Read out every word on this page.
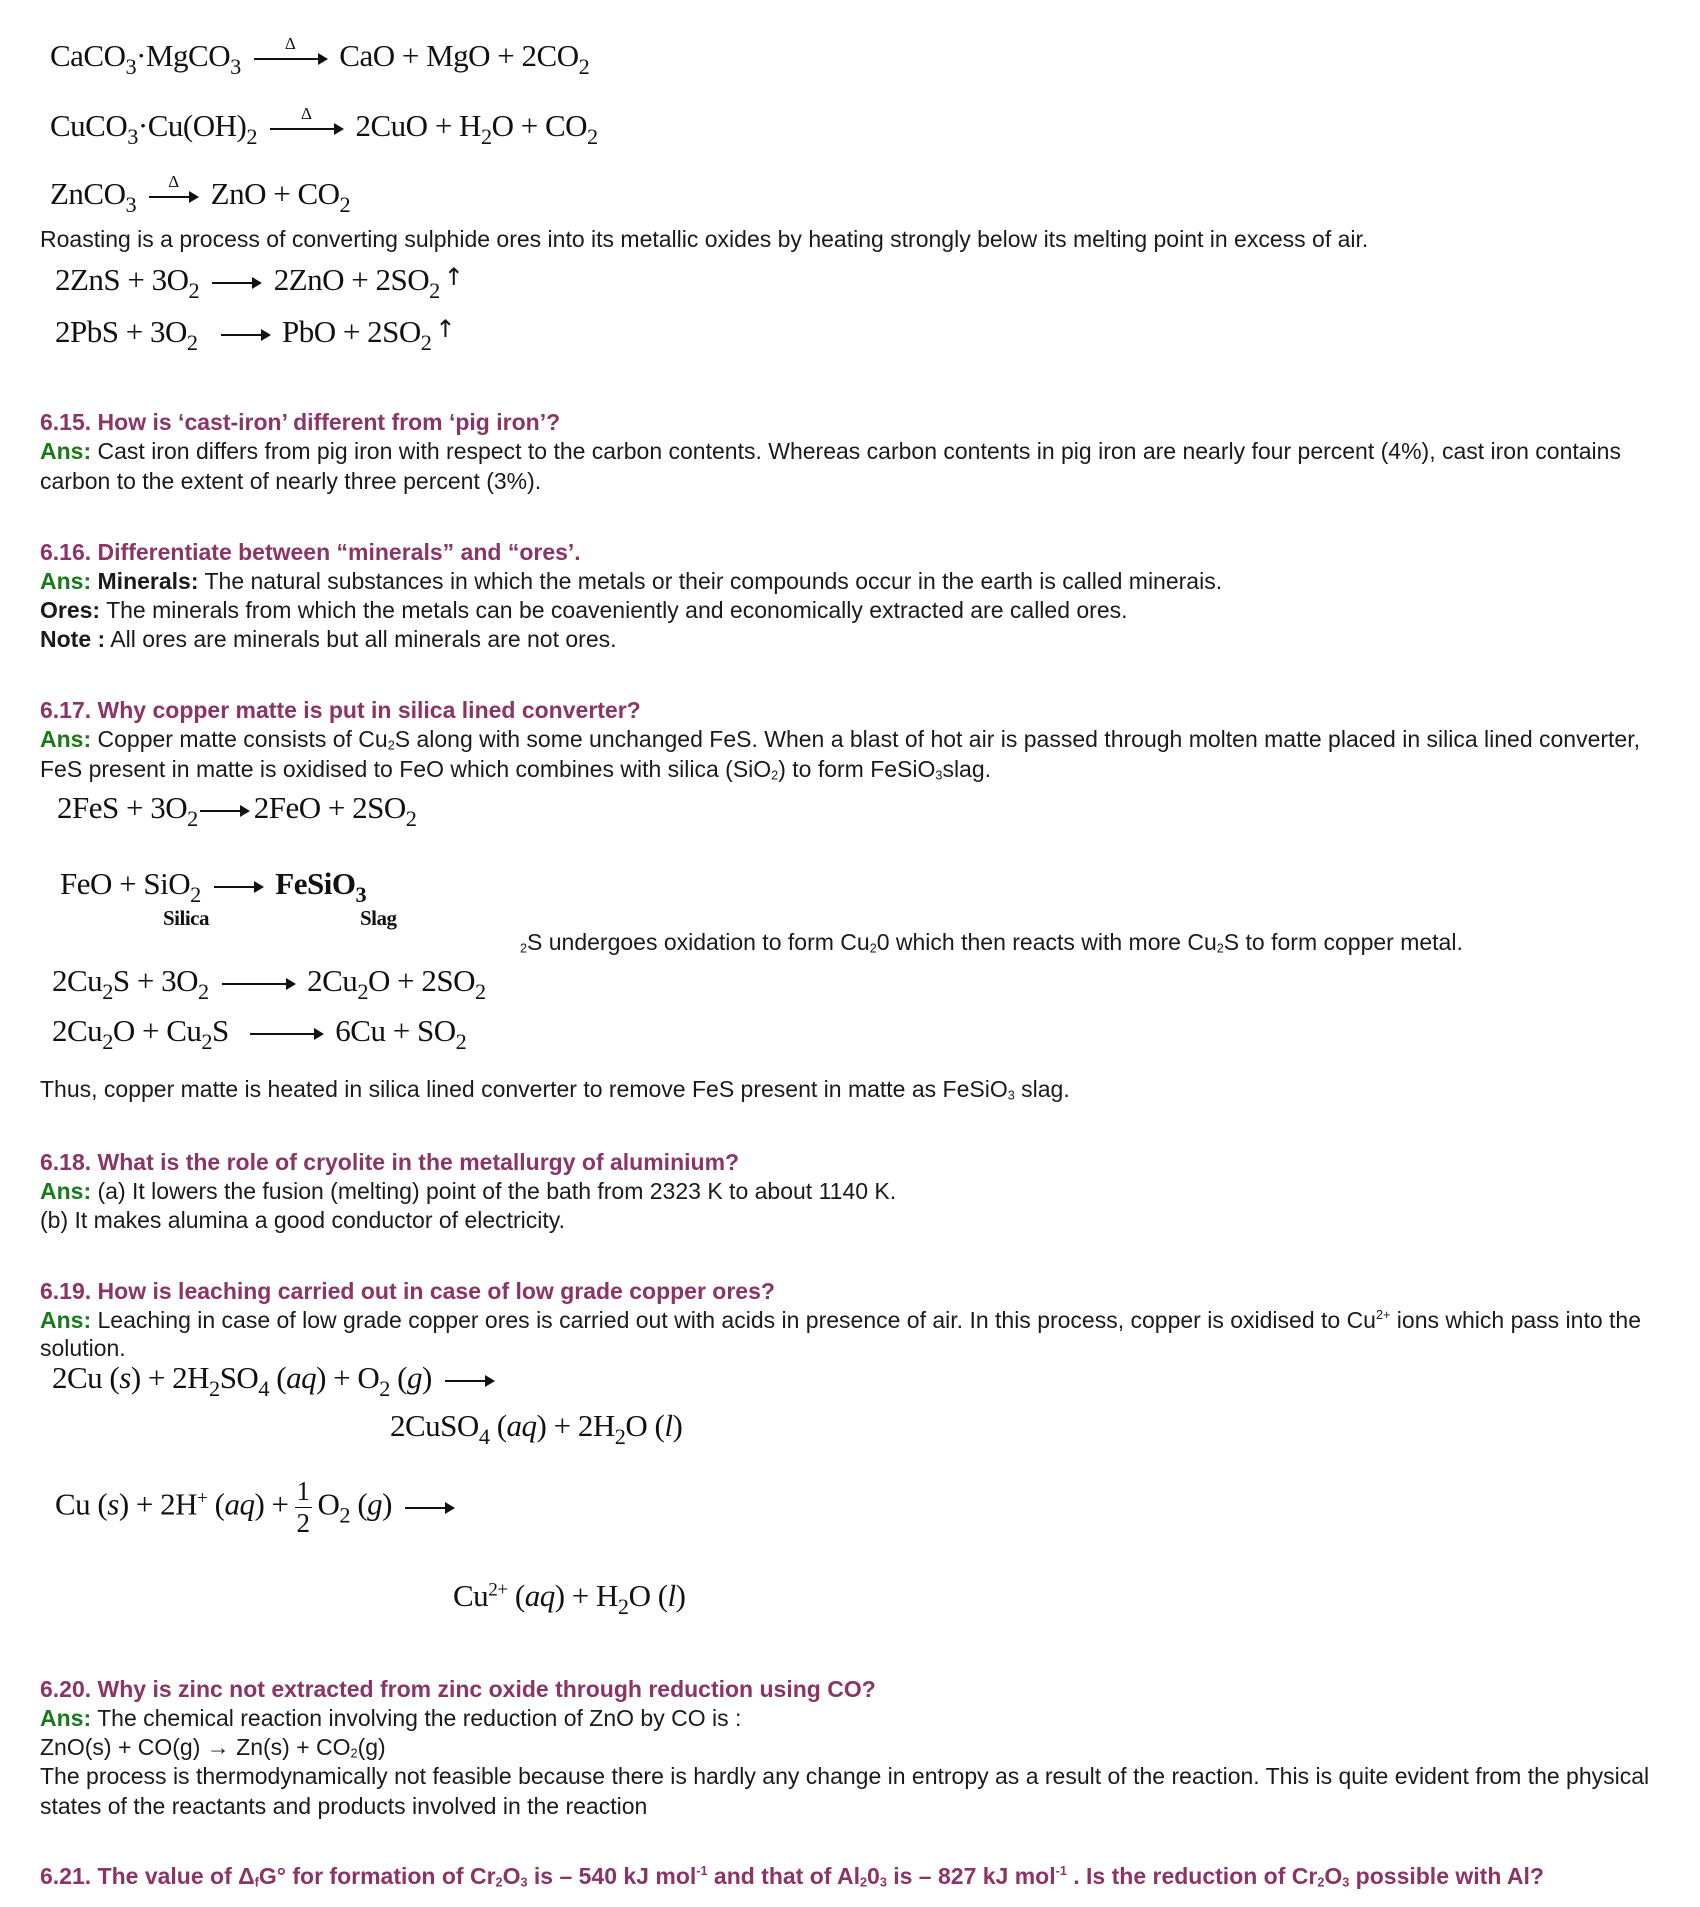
CaCO$_3$·MgCO$_3$
Δ CaO + MgO + $2CO_2$
$CuCO_3\cdot Cu(OH)_2$
Δ $2CuO + H_2O + CO_2$
ZnCO$_3$
Δ ZnO + $CO_2$
Roasting is a process of converting sulphide ores into its metallic oxides by heating strongly below its melting point in excess of air.
$2ZnS + 3O_2 \to 2ZnO + 2SO_2$ ↑
$2PbS + 3O_2$ → PbO + $2SO_2$ ↑
6.15. How is ‘cast-iron’ different from ‘pig iron’?
Ans: Cast iron differs from pig iron with respect to the carbon contents. Whereas carbon contents in pig iron are nearly four percent (4%), cast iron contains carbon to the extent of nearly three percent (3%).
6.16. Differentiate between “minerals” and “ores’.
Ans: Minerals: The natural substances in which the metals or their compounds occur in the earth is called minerais.
Ores: The minerals from which the metals can be coaveniently and economically extracted are called ores.
Note : All ores are minerals but all minerals are not ores.
6.17. Why copper matte is put in silica lined converter?
Ans: Copper matte consists of $Cu_2S$ along with some unchanged FeS. When a blast of hot air is passed through molten matte placed in silica lined converter, FeS present in matte is oxidised to FeO which combines with silica (SiO$_2$) to form FeSiO$_3$slag.
$2FeS + 3O_2 \to 2FeO + 2SO_2$
FeO + SiO$_2$ → FeSiO$_3$
Silica	Slag
$_2$S undergoes oxidation to form $Cu_20$ which then reacts with more $Cu_2S$ to form copper metal.
$2Cu_2S + 3O_2 \to 2Cu_2O + 2SO_2$
$2Cu_2O + Cu_2S \to 6Cu + SO_2$
Thus, copper matte is heated in silica lined converter to remove FeS present in matte as FeSiO$_3$ slag.
6.18. What is the role of cryolite in the metallurgy of aluminium?
Ans: (a) It lowers the fusion (melting) point of the bath from 2323 K to about 1140 K.
(b) It makes alumina a good conductor of electricity.
6.19. How is leaching carried out in case of low grade copper ores?
Ans: Leaching in case of low grade copper ores is carried out with acids in presence of air. In this process, copper is oxidised to $Cu^{2+}$ ions which pass into the solution.
2Cu $(s) + 2H_2SO_4$ $(aq) + O_2$ (g) →
2CuSO$_4$ $(aq) + 2H_2O$ (l)
Cu (s) + 2H+ $(aq) + \frac{1}{2} O_2$ (g) →
$Cu^{2+}$ $(aq) + H_2O$ (l)
6.20. Why is zinc not extracted from zinc oxide through reduction using CO?
Ans: The chemical reaction involving the reduction of ZnO by CO is :
$ZnO(s) + CO(g) \to Zn(s) + CO_2(g)$
The process is thermodynamically not feasible because there is hardly any change in entropy as a result of the reaction. This is quite evident from the physical states of the reactants and products involved in the reaction
6.21. The value of $\Delta_fG^\circ$ for formation of $Cr_2O_3$ is – 540 kJ mol$^{-1}$ and that of $Al_20_3$ is – 827 kJ mol$^{-1}$ . Is the reduction of $Cr_2O_3$ possible with Al?
